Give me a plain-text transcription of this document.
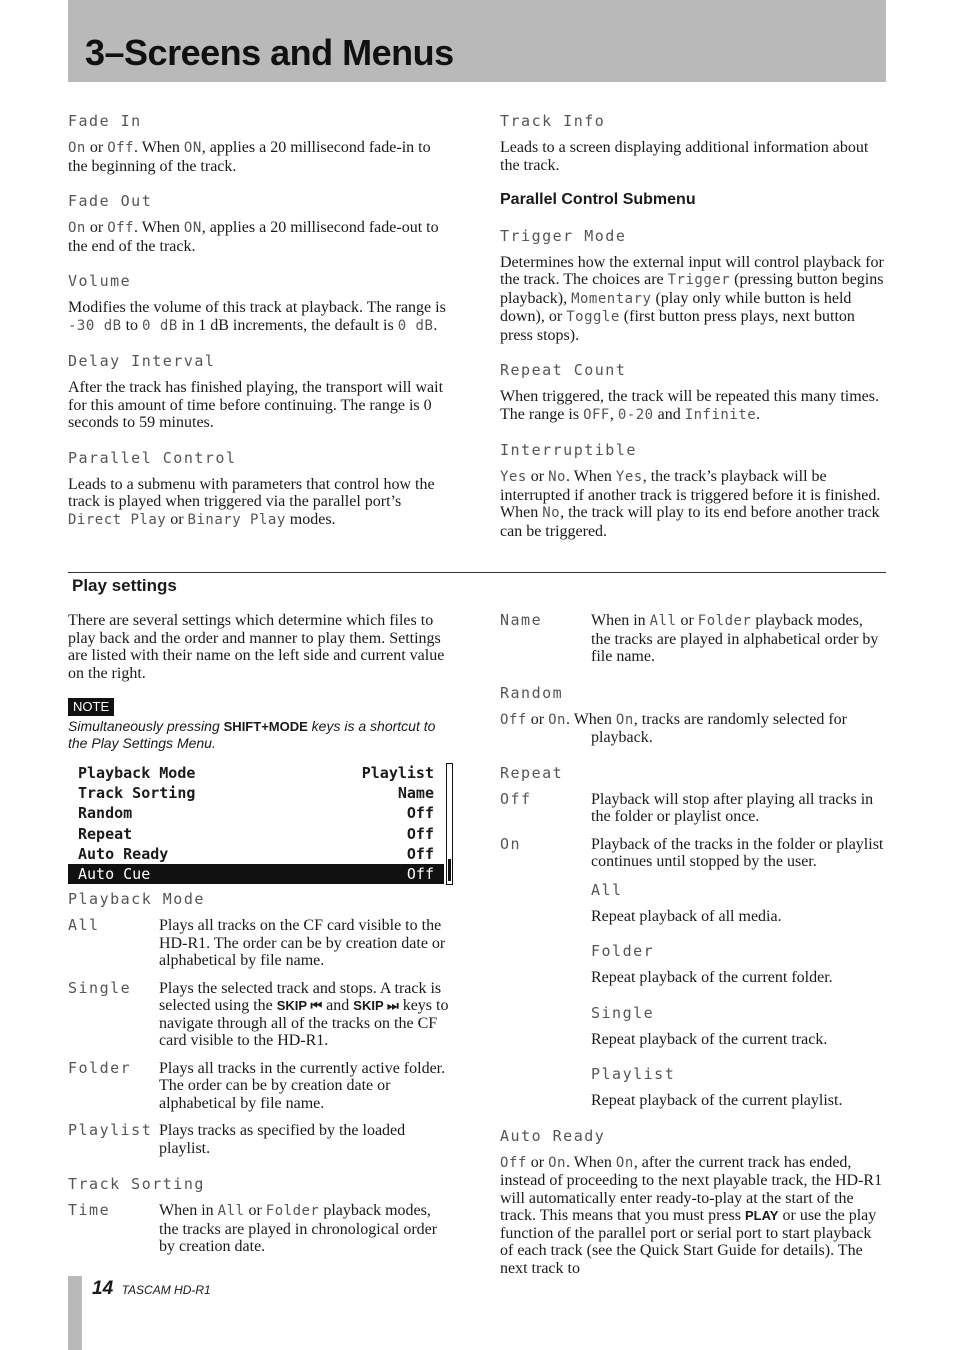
3–Screens and Menus

Fade In

On or Off. When ON, applies a 20 millisecond fade-in to the beginning of the track.

Fade Out

On or Off. When ON, applies a 20 millisecond fade-out to the end of the track.

Volume

Modifies the volume of this track at playback. The range is -30 dB to 0 dB in 1 dB increments, the default is 0 dB.

Delay Interval

After the track has finished playing, the transport will wait for this amount of time before continuing. The range is 0 seconds to 59 minutes.

Parallel Control

Leads to a submenu with parameters that control how the track is played when triggered via the parallel port’s Direct Play or Binary Play modes.

Track Info

Leads to a screen displaying additional information about the track.

Parallel Control Submenu

Trigger Mode

Determines how the external input will control playback for the track. The choices are Trigger (pressing button begins playback), Momentary (play only while button is held down), or Toggle (first button press plays, next button press stops).

Repeat Count

When triggered, the track will be repeated this many times. The range is OFF, 0-20 and Infinite.

Interruptible

Yes or No. When Yes, the track’s playback will be interrupted if another track is triggered before it is finished. When No, the track will play to its end before another track can be triggered.

Play settings

There are several settings which determine which files to play back and the order and manner to play them. Settings are listed with their name on the left side and current value on the right.

NOTE

Simultaneously pressing SHIFT+MODE keys is a shortcut to the Play Settings Menu.

Playback Mode	Playlist
Track Sorting	Name
Random	Off
Repeat	Off
Auto Ready	Off
Auto Cue	Off

Playback Mode

All	Plays all tracks on the CF card visible to the HD-R1. The order can be by creation date or alphabetical by file name.
Single	Plays the selected track and stops. A track is selected using the SKIP ⏮ and SKIP ⏭ keys to navigate through all of the tracks on the CF card visible to the HD-R1.
Folder	Plays all tracks in the currently active folder. The order can be by creation date or alphabetical by file name.
Playlist Plays tracks as specified by the loaded playlist.

Track Sorting

Time	When in All or Folder playback modes, the tracks are played in chronological order by creation date.
Name	When in All or Folder playback modes, the tracks are played in alphabetical order by file name.

Random

Off or On. When On, tracks are randomly selected for playback.

Repeat

Off	Playback will stop after playing all tracks in the folder or playlist once.
On	Playback of the tracks in the folder or playlist continues until stopped by the user.

All

Repeat playback of all media.

Folder

Repeat playback of the current folder.

Single

Repeat playback of the current track.

Playlist

Repeat playback of the current playlist.

Auto Ready

Off or On. When On, after the current track has ended, instead of proceeding to the next playable track, the HD-R1 will automatically enter ready-to-play at the start of the track. This means that you must press PLAY or use the play function of the parallel port or serial port to start playback of each track (see the Quick Start Guide for details). The next track to

14 TASCAM HD-R1
